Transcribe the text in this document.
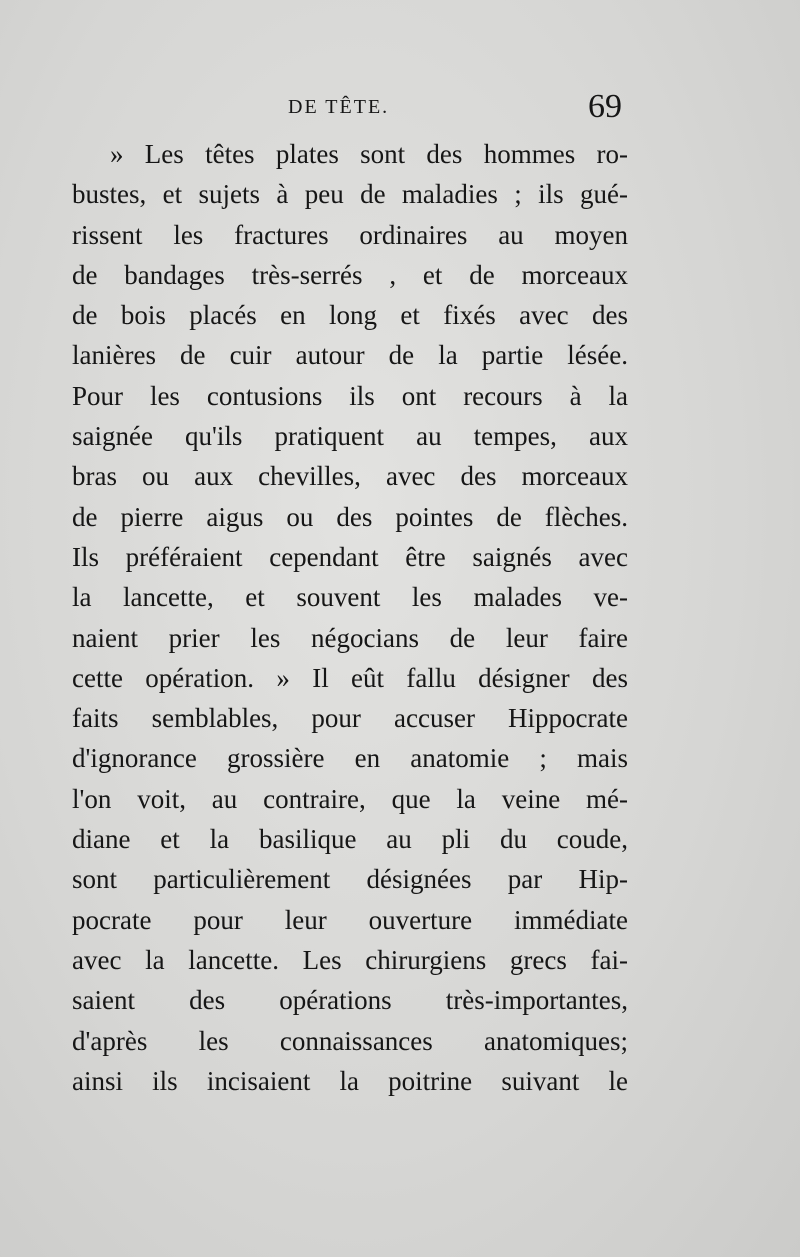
DE TÊTE.	69
» Les têtes plates sont des hommes ro-
bustes, et sujets à peu de maladies ; ils gué-
rissent les fractures ordinaires au moyen
de bandages très-serrés , et de morceaux
de bois placés en long et fixés avec des
lanières de cuir autour de la partie lésée.
Pour les contusions ils ont recours à la
saignée qu'ils pratiquent au tempes, aux
bras ou aux chevilles, avec des morceaux
de pierre aigus ou des pointes de flèches.
Ils préféraient cependant être saignés avec
la lancette, et souvent les malades ve-
naient prier les négocians de leur faire
cette opération. » Il eût fallu désigner des
faits semblables, pour accuser Hippocrate
d'ignorance grossière en anatomie ; mais
l'on voit, au contraire, que la veine mé-
diane et la basilique au pli du coude,
sont particulièrement désignées par Hip-
pocrate pour leur ouverture immédiate
avec la lancette. Les chirurgiens grecs fai-
saient des opérations très-importantes,
d'après les connaissances anatomiques;
ainsi ils incisaient la poitrine suivant le
